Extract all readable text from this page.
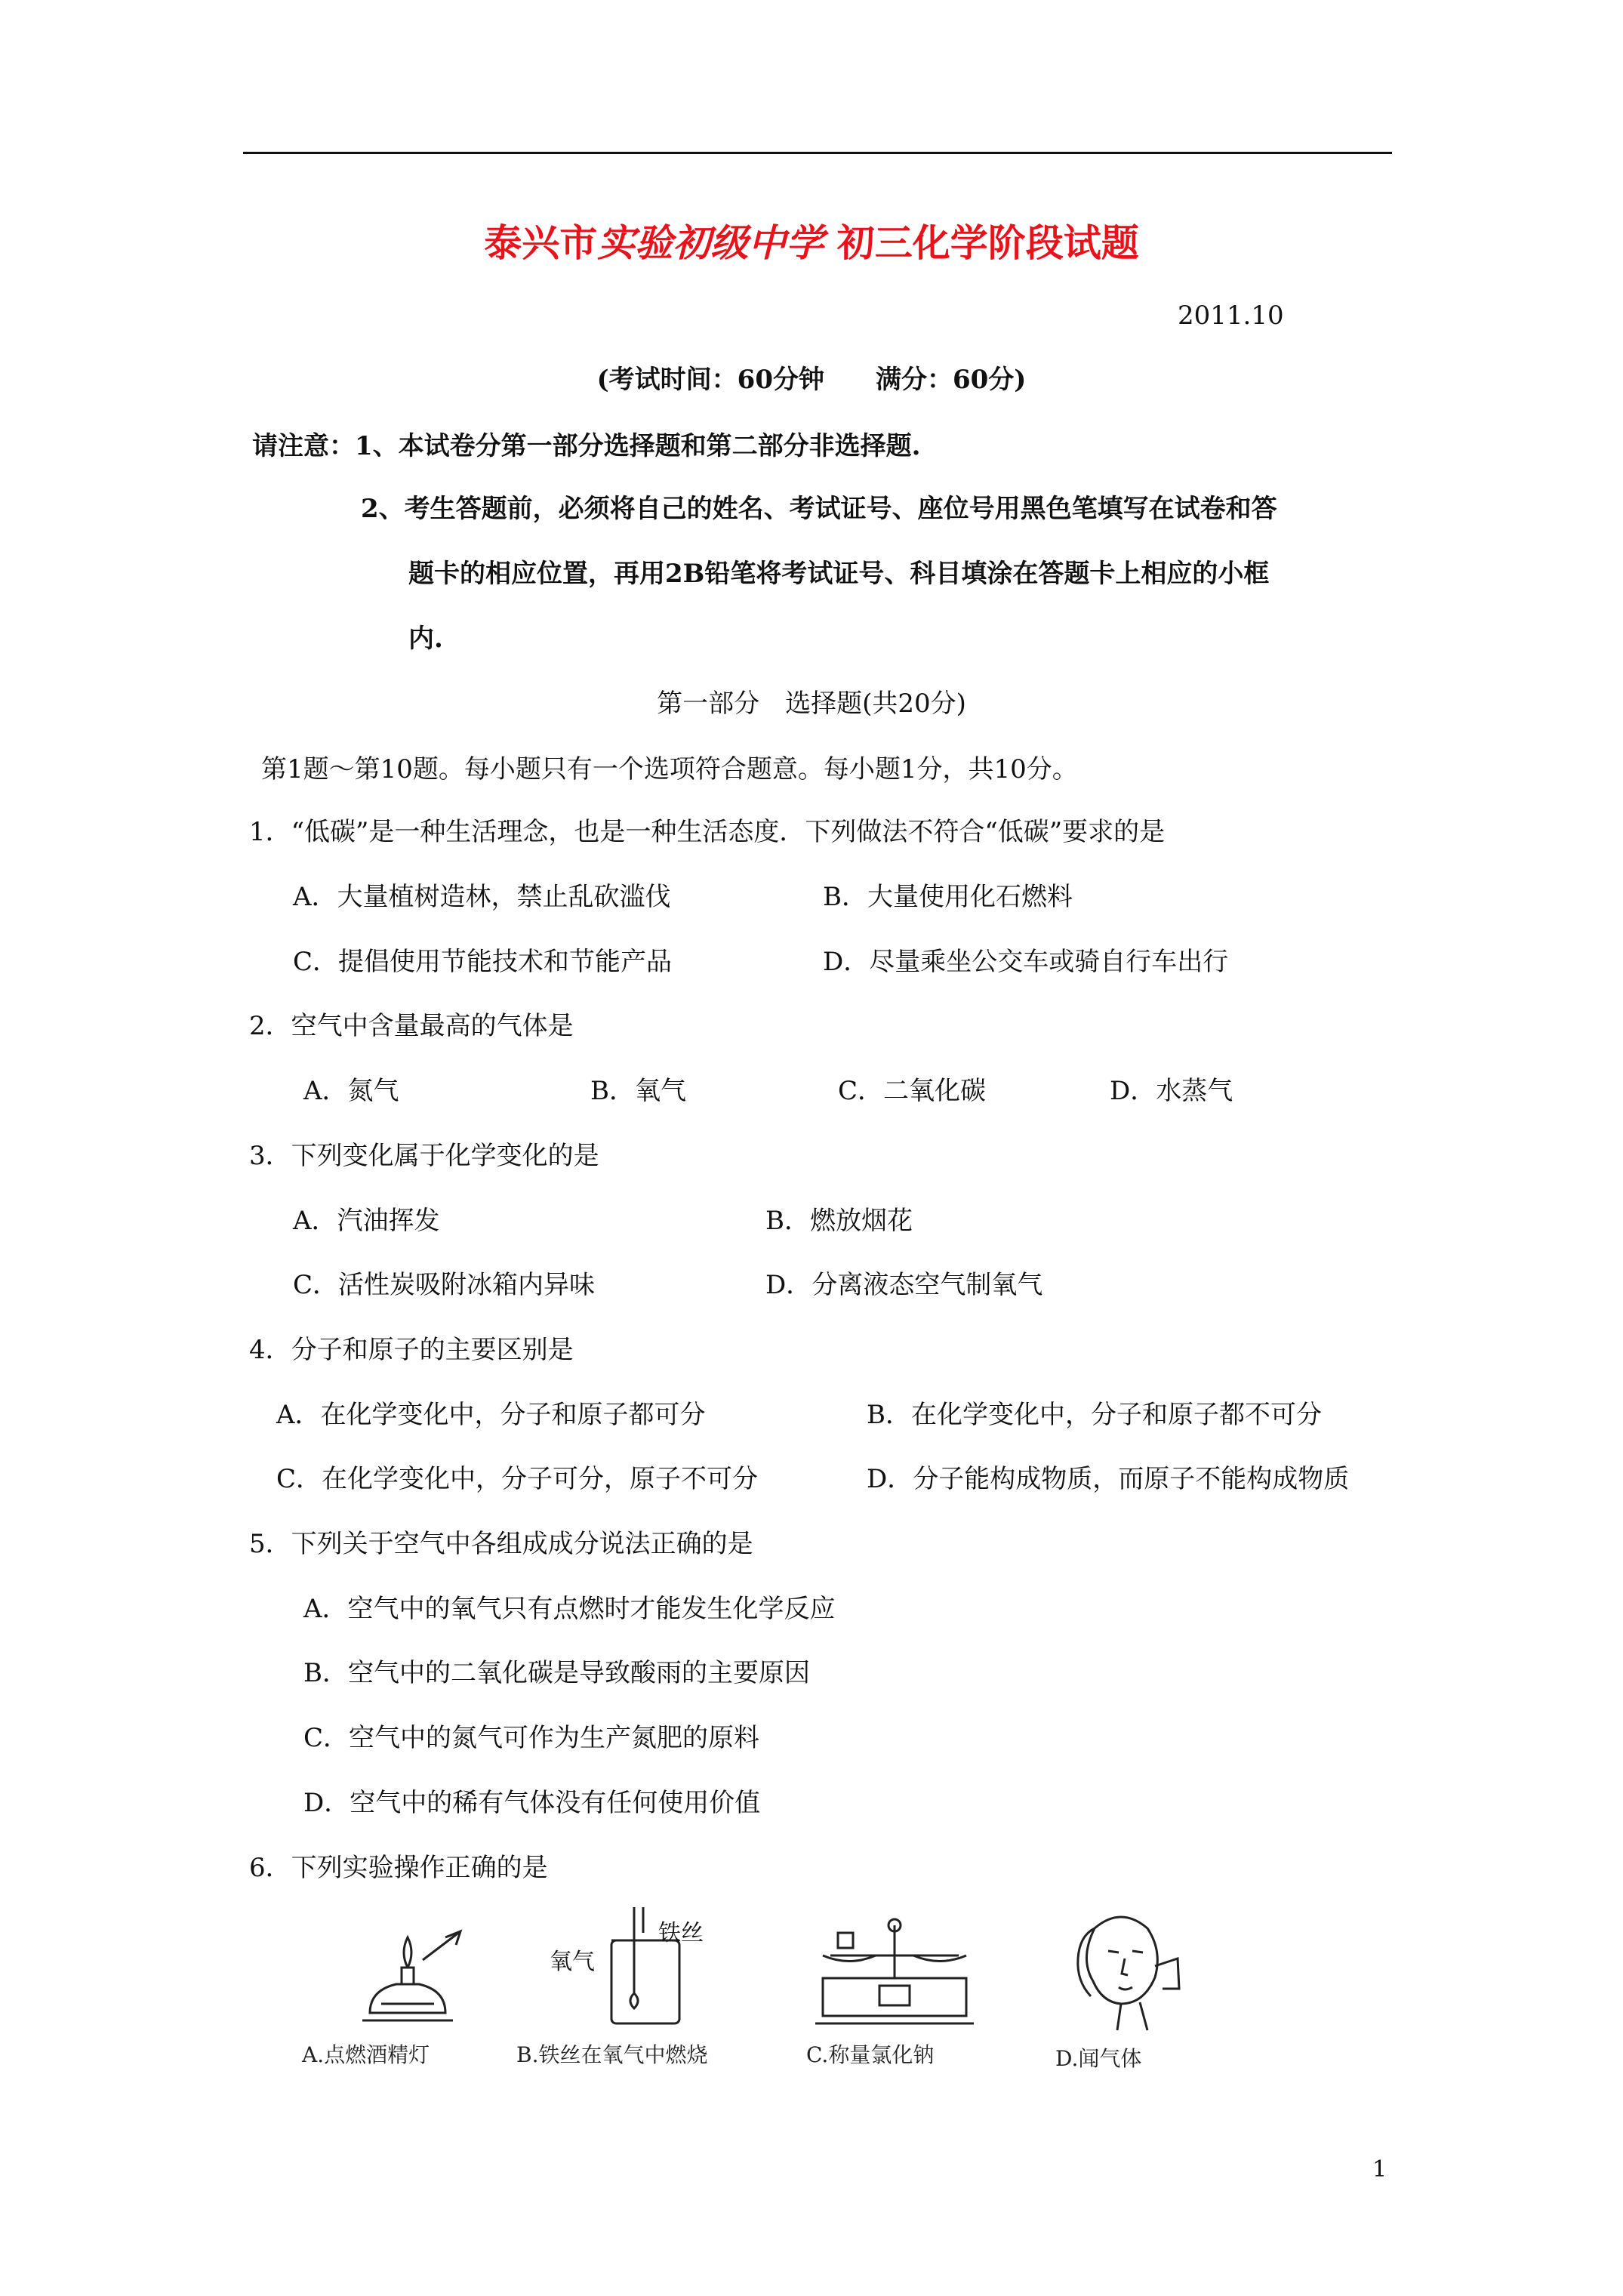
泰兴市实验初级中学 初三化学阶段试题
2011.10
(考试时间：60分钟　　满分：60分)
请注意：1、本试卷分第一部分选择题和第二部分非选择题.
2、考生答题前，必须将自己的姓名、考试证号、座位号用黑色笔填写在试卷和答
题卡的相应位置，再用2B铅笔将考试证号、科目填涂在答题卡上相应的小框
内.
第一部分　选择题(共20分)
第1题～第10题。每小题只有一个选项符合题意。每小题1分，共10分。
1．“低碳”是一种生活理念，也是一种生活态度．下列做法不符合“低碳”要求的是
A．大量植树造林，禁止乱砍滥伐	B．大量使用化石燃料
C．提倡使用节能技术和节能产品	D．尽量乘坐公交车或骑自行车出行
2．空气中含量最高的气体是
A．氮气	B．氧气	C．二氧化碳	D．水蒸气
3．下列变化属于化学变化的是
A．汽油挥发	B．燃放烟花
C．活性炭吸附冰箱内异味	D．分离液态空气制氧气
4．分子和原子的主要区别是
A．在化学变化中，分子和原子都可分	B．在化学变化中，分子和原子都不可分
C．在化学变化中，分子可分，原子不可分	D．分子能构成物质，而原子不能构成物质
5．下列关于空气中各组成成分说法正确的是
A．空气中的氧气只有点燃时才能发生化学反应
B．空气中的二氧化碳是导致酸雨的主要原因
C．空气中的氮气可作为生产氮肥的原料
D．空气中的稀有气体没有任何使用价值
6．下列实验操作正确的是
A.点燃酒精灯
氧气
铁丝
B.铁丝在氧气中燃烧	C.称量氯化钠	D.闻气体
1
